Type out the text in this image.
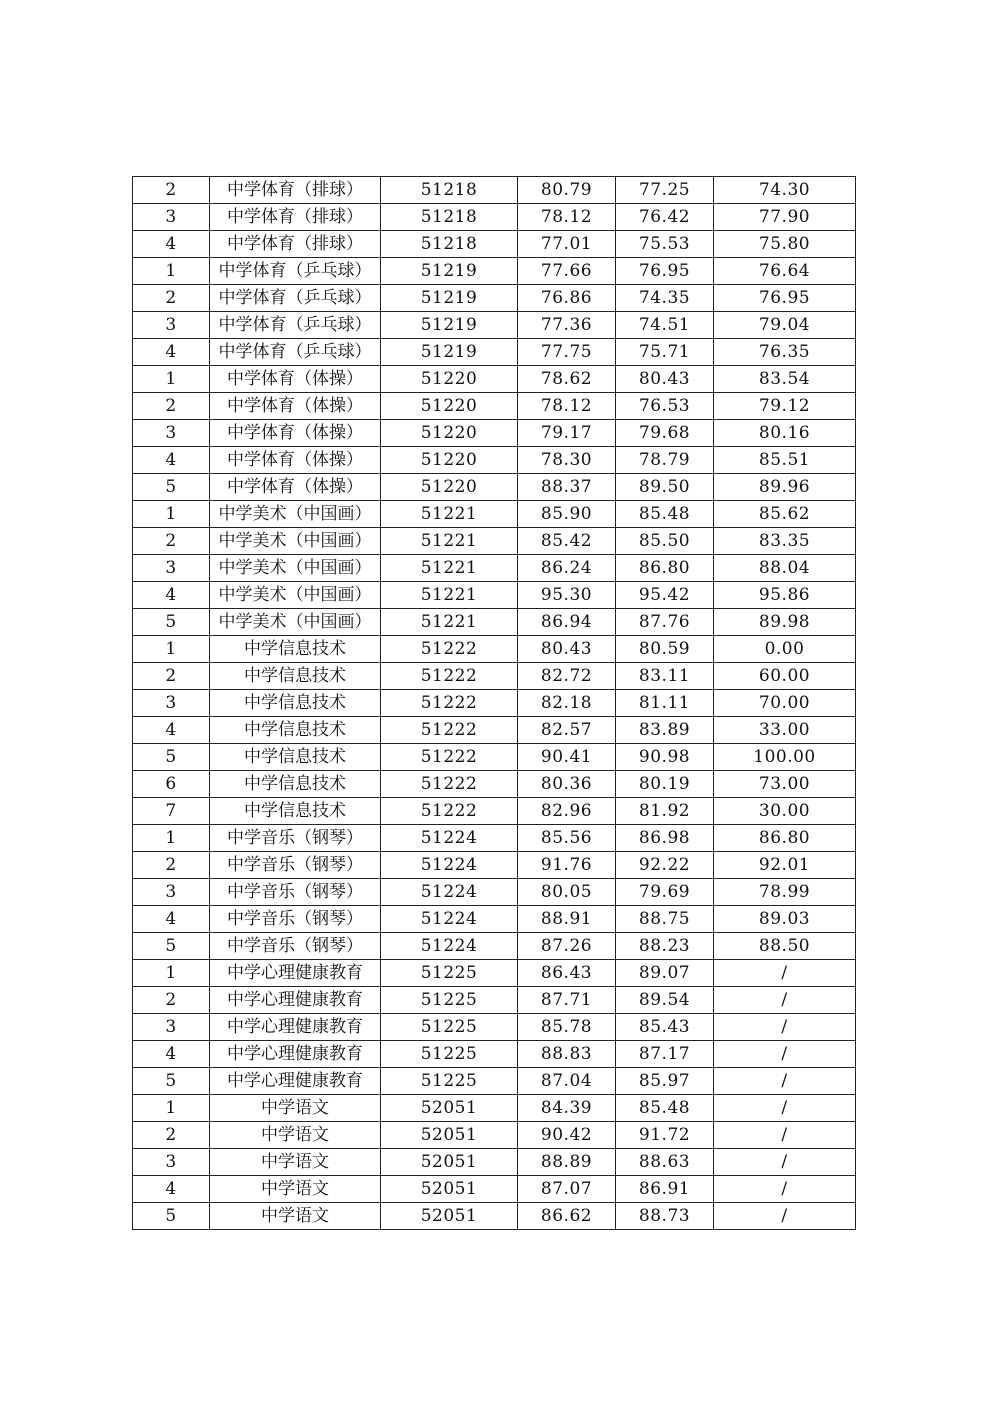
2	中学体育（排球）	51218	80.79	77.25	74.30
3	中学体育（排球）	51218	78.12	76.42	77.90
4	中学体育（排球）	51218	77.01	75.53	75.80
1	中学体育（乒乓球）	51219	77.66	76.95	76.64
2	中学体育（乒乓球）	51219	76.86	74.35	76.95
3	中学体育（乒乓球）	51219	77.36	74.51	79.04
4	中学体育（乒乓球）	51219	77.75	75.71	76.35
1	中学体育（体操）	51220	78.62	80.43	83.54
2	中学体育（体操）	51220	78.12	76.53	79.12
3	中学体育（体操）	51220	79.17	79.68	80.16
4	中学体育（体操）	51220	78.30	78.79	85.51
5	中学体育（体操）	51220	88.37	89.50	89.96
1	中学美术（中国画）	51221	85.90	85.48	85.62
2	中学美术（中国画）	51221	85.42	85.50	83.35
3	中学美术（中国画）	51221	86.24	86.80	88.04
4	中学美术（中国画）	51221	95.30	95.42	95.86
5	中学美术（中国画）	51221	86.94	87.76	89.98
1	中学信息技术	51222	80.43	80.59	0.00
2	中学信息技术	51222	82.72	83.11	60.00
3	中学信息技术	51222	82.18	81.11	70.00
4	中学信息技术	51222	82.57	83.89	33.00
5	中学信息技术	51222	90.41	90.98	100.00
6	中学信息技术	51222	80.36	80.19	73.00
7	中学信息技术	51222	82.96	81.92	30.00
1	中学音乐（钢琴）	51224	85.56	86.98	86.80
2	中学音乐（钢琴）	51224	91.76	92.22	92.01
3	中学音乐（钢琴）	51224	80.05	79.69	78.99
4	中学音乐（钢琴）	51224	88.91	88.75	89.03
5	中学音乐（钢琴）	51224	87.26	88.23	88.50
1	中学心理健康教育	51225	86.43	89.07	/
2	中学心理健康教育	51225	87.71	89.54	/
3	中学心理健康教育	51225	85.78	85.43	/
4	中学心理健康教育	51225	88.83	87.17	/
5	中学心理健康教育	51225	87.04	85.97	/
1	中学语文	52051	84.39	85.48	/
2	中学语文	52051	90.42	91.72	/
3	中学语文	52051	88.89	88.63	/
4	中学语文	52051	87.07	86.91	/
5	中学语文	52051	86.62	88.73	/
